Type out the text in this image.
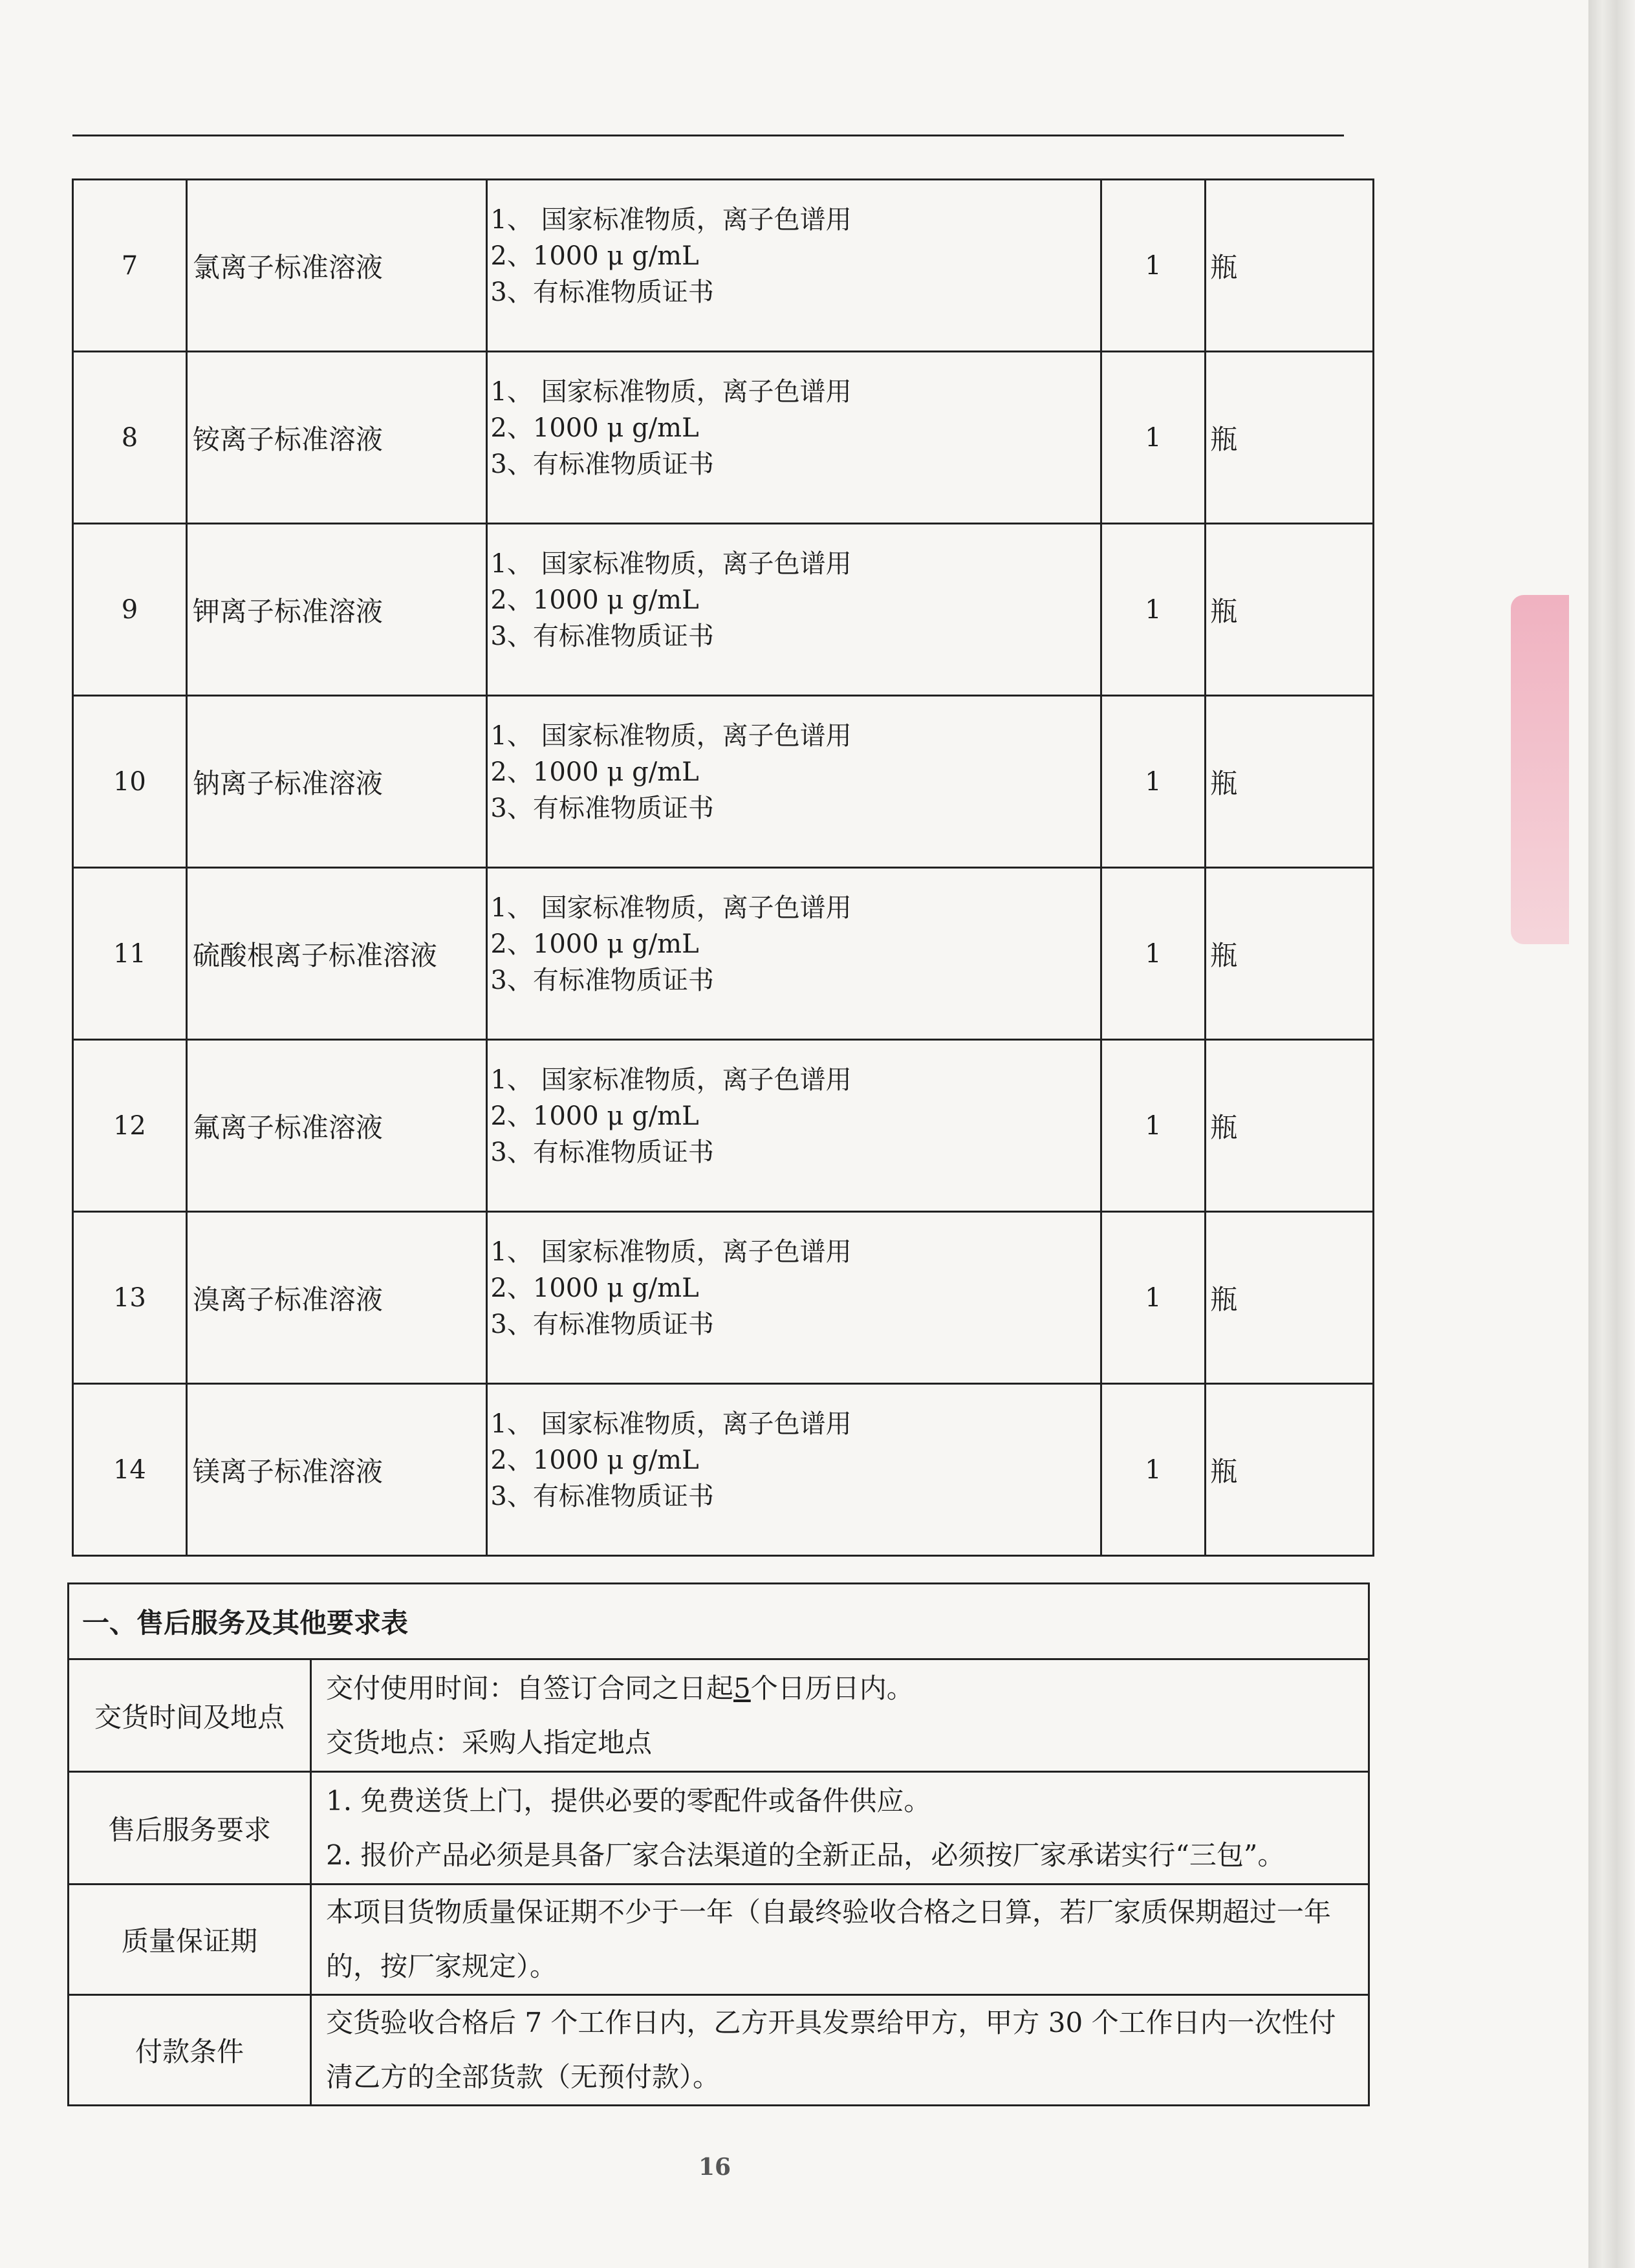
7	氯离子标准溶液	1、 国家标准物质，离子色谱用
2、1000 μ g/mL
3、有标准物质证书	1	瓶
8	铵离子标准溶液	1、 国家标准物质，离子色谱用
2、1000 μ g/mL
3、有标准物质证书	1	瓶
9	钾离子标准溶液	1、 国家标准物质，离子色谱用
2、1000 μ g/mL
3、有标准物质证书	1	瓶
10	钠离子标准溶液	1、 国家标准物质，离子色谱用
2、1000 μ g/mL
3、有标准物质证书	1	瓶
11	硫酸根离子标准溶液	1、 国家标准物质，离子色谱用
2、1000 μ g/mL
3、有标准物质证书	1	瓶
12	氟离子标准溶液	1、 国家标准物质，离子色谱用
2、1000 μ g/mL
3、有标准物质证书	1	瓶
13	溴离子标准溶液	1、 国家标准物质，离子色谱用
2、1000 μ g/mL
3、有标准物质证书	1	瓶
14	镁离子标准溶液	1、 国家标准物质，离子色谱用
2、1000 μ g/mL
3、有标准物质证书	1	瓶
一、售后服务及其他要求表	
交货时间及地点	交付使用时间：自签订合同之日起5个日历日内。
交货地点：采购人指定地点

售后服务要求	1. 免费送货上门，提供必要的零配件或备件供应。
2. 报价产品必须是具备厂家合法渠道的全新正品，必须按厂家承诺实行“三包”。

质量保证期	本项目货物质量保证期不少于一年（自最终验收合格之日算，若厂家质保期超过一年的，按厂家规定）。
付款条件	交货验收合格后 7 个工作日内，乙方开具发票给甲方，甲方 30 个工作日内一次性付清乙方的全部货款（无预付款）。
16
